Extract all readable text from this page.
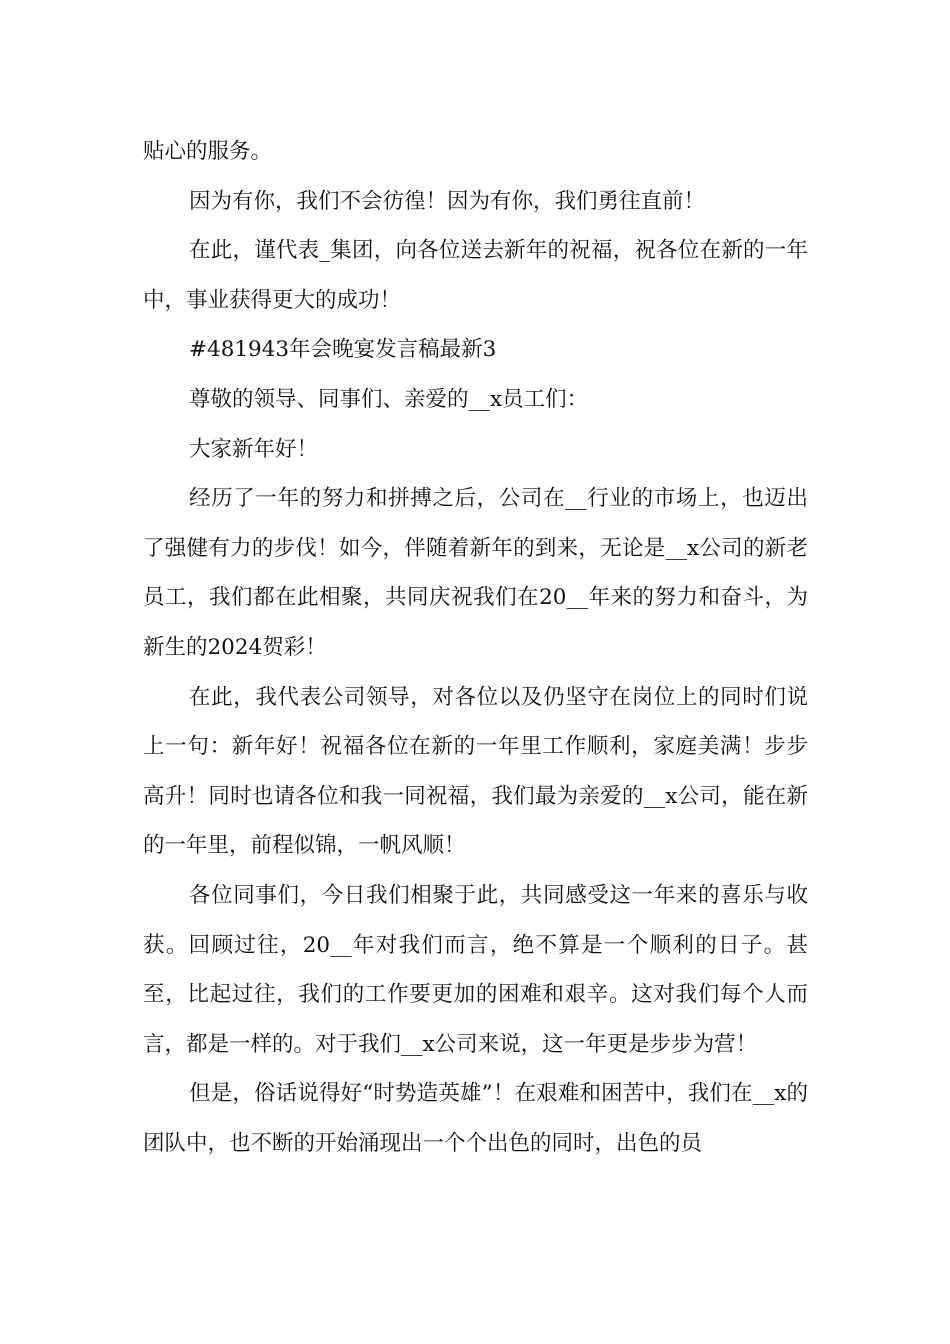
贴心的服务。

因为有你，我们不会彷徨！因为有你，我们勇往直前！

在此，谨代表_集团，向各位送去新年的祝福，祝各位在新的一年中，事业获得更大的成功！

#481943年会晚宴发言稿最新3

尊敬的领导、同事们、亲爱的__x员工们：

大家新年好！

经历了一年的努力和拼搏之后，公司在__行业的市场上，也迈出了强健有力的步伐！如今，伴随着新年的到来，无论是__x公司的新老员工，我们都在此相聚，共同庆祝我们在20__年来的努力和奋斗，为新生的2024贺彩！

在此，我代表公司领导，对各位以及仍坚守在岗位上的同时们说上一句：新年好！祝福各位在新的一年里工作顺利，家庭美满！步步高升！同时也请各位和我一同祝福，我们最为亲爱的__x公司，能在新的一年里，前程似锦，一帆风顺！

各位同事们，今日我们相聚于此，共同感受这一年来的喜乐与收获。回顾过往，20__年对我们而言，绝不算是一个顺利的日子。甚至，比起过往，我们的工作要更加的困难和艰辛。这对我们每个人而言，都是一样的。对于我们__x公司来说，这一年更是步步为营！

但是，俗话说得好“时势造英雄”！在艰难和困苦中，我们在__x的团队中，也不断的开始涌现出一个个出色的同时，出色的员
